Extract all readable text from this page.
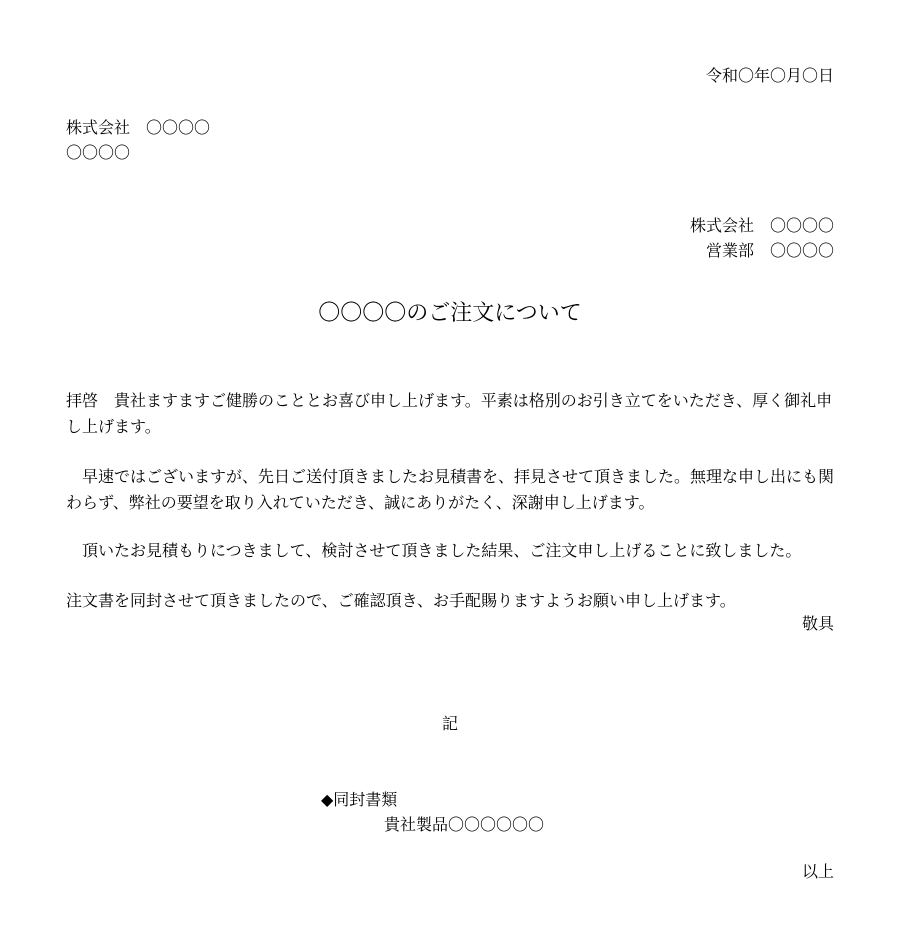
令和〇年〇月〇日
株式会社　〇〇〇〇
〇〇〇〇
株式会社　〇〇〇〇
営業部　〇〇〇〇
〇〇〇〇のご注文について
拝啓　貴社ますますご健勝のこととお喜び申し上げます。平素は格別のお引き立てをいただき、厚く御礼申し上げます。
　早速ではございますが、先日ご送付頂きましたお見積書を、拝見させて頂きました。無理な申し出にも関わらず、弊社の要望を取り入れていただき、誠にありがたく、深謝申し上げます。
　頂いたお見積もりにつきまして、検討させて頂きました結果、ご注文申し上げることに致しました。
注文書を同封させて頂きましたので、ご確認頂き、お手配賜りますようお願い申し上げます。
敬具
記
◆同封書類
貴社製品〇〇〇〇〇〇
以上
